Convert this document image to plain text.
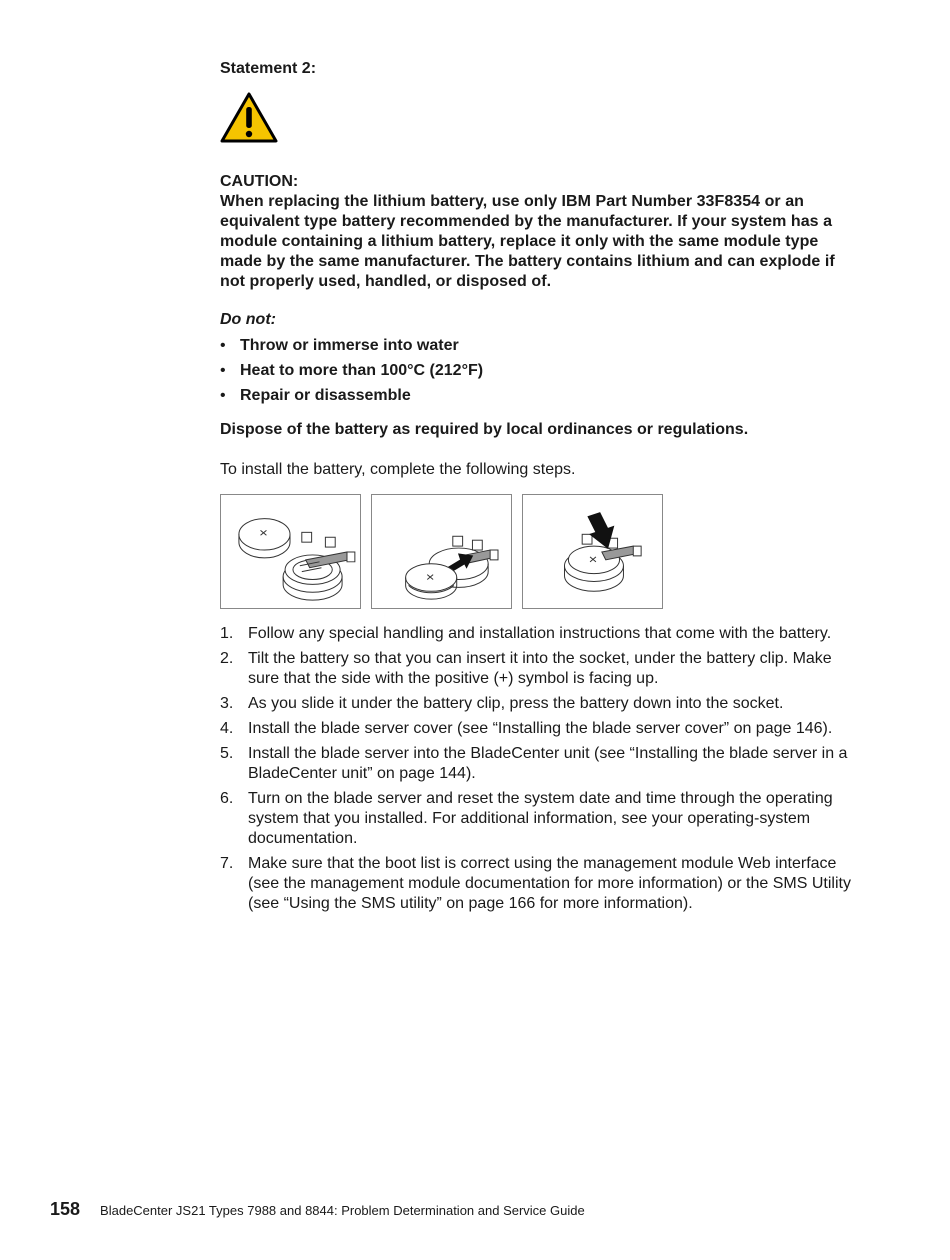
Statement 2:

CAUTION:

When replacing the lithium battery, use only IBM Part Number 33F8354 or an equivalent type battery recommended by the manufacturer. If your system has a module containing a lithium battery, replace it only with the same module type made by the same manufacturer. The battery contains lithium and can explode if not properly used, handled, or disposed of.

Do not:

• Throw or immerse into water
• Heat to more than 100°C (212°F)
• Repair or disassemble

Dispose of the battery as required by local ordinances or regulations.

To install the battery, complete the following steps.

1. Follow any special handling and installation instructions that come with the battery.
2. Tilt the battery so that you can insert it into the socket, under the battery clip. Make sure that the side with the positive (+) symbol is facing up.
3. As you slide it under the battery clip, press the battery down into the socket.
4. Install the blade server cover (see “Installing the blade server cover” on page 146).
5. Install the blade server into the BladeCenter unit (see “Installing the blade server in a BladeCenter unit” on page 144).
6. Turn on the blade server and reset the system date and time through the operating system that you installed. For additional information, see your operating-system documentation.
7. Make sure that the boot list is correct using the management module Web interface (see the management module documentation for more information) or the SMS Utility (see “Using the SMS utility” on page 166 for more information).
158 BladeCenter JS21 Types 7988 and 8844: Problem Determination and Service Guide
